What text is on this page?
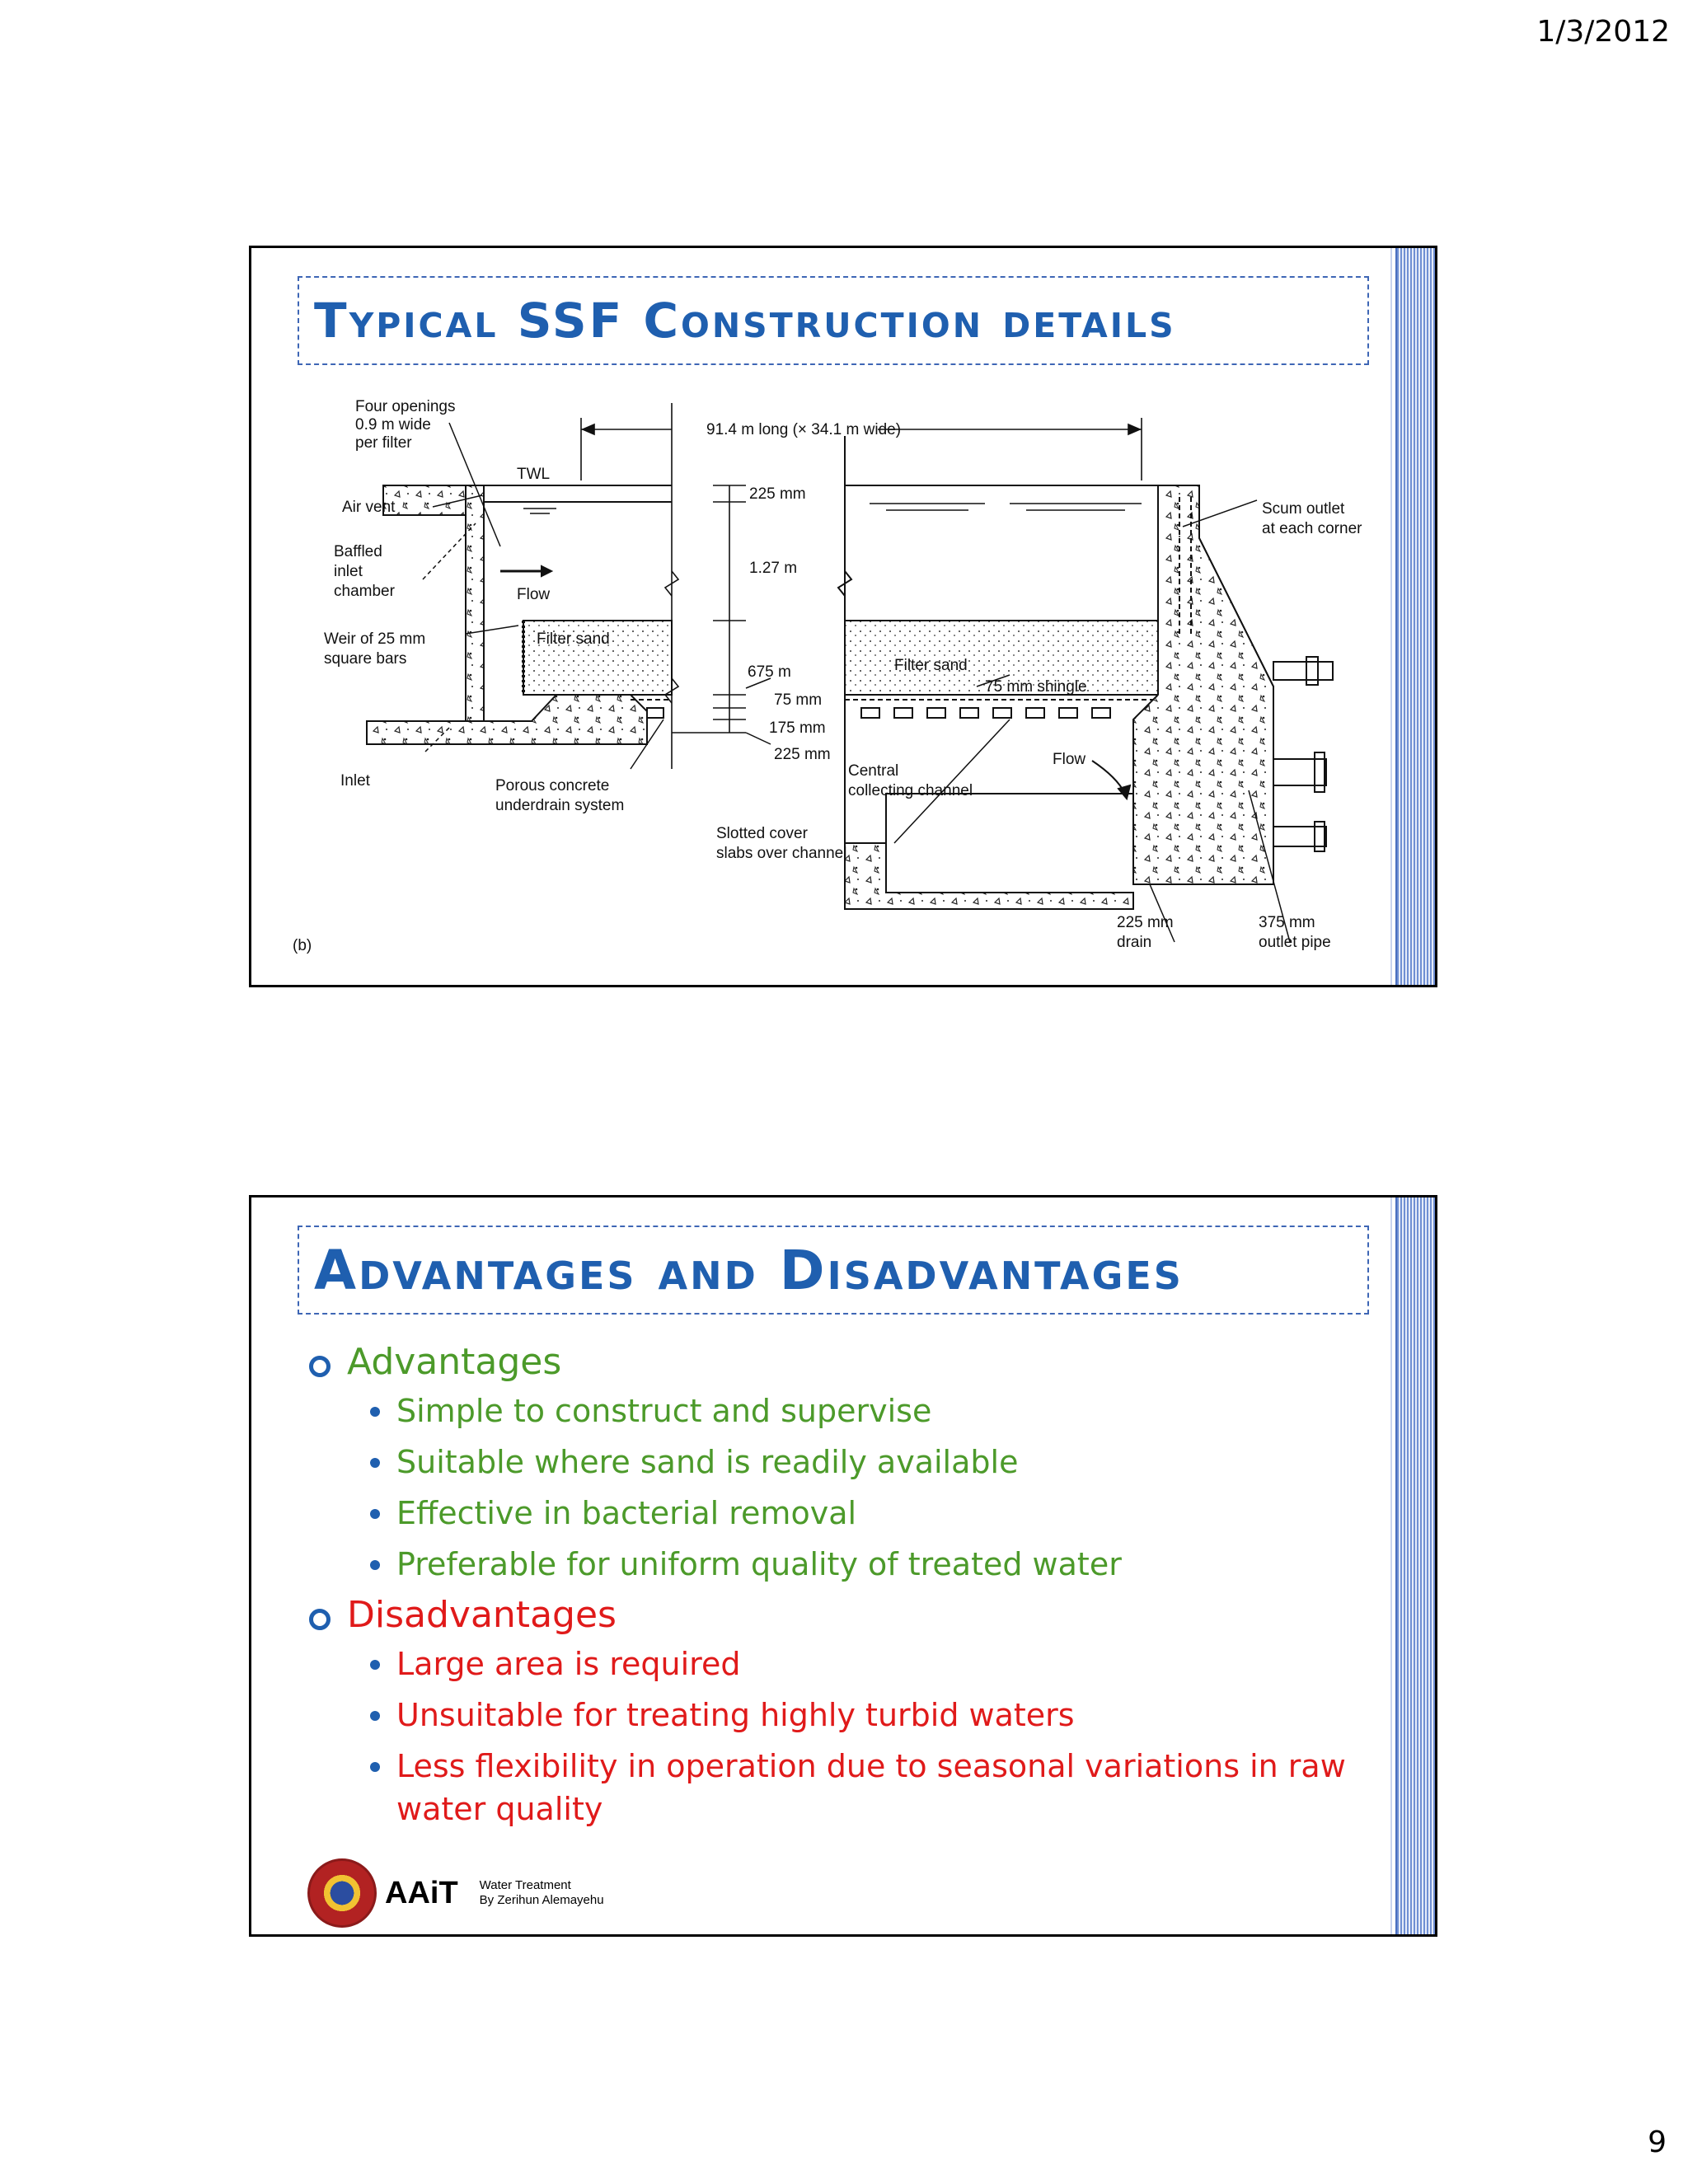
1/3/2012
Typical SSF Construction details
Four openings
0.9 m wide
per filter
91.4 m long (× 34.1 m wide)
TWL
Air vent
Baffled
inlet
chamber	Flow
Weir of 25 mm
square bars
Filter sand
Inlet	Porous concrete
underdrain system
225 mm
1.27 m
675 m
75 mm
175 mm
225 mm
Slotted cover
slabs over channel
Filter sand
75 mm shingle
Flow
Central
collecting channel
Scum outlet
at each corner
225 mm
drain
375 mm
outlet pipe
(b)
Advantages and Disadvantages
Advantages
Simple to construct and supervise
Suitable where sand is readily available
Effective in bacterial removal
Preferable for uniform quality of treated water
Disadvantages
Large area is required
Unsuitable for treating highly turbid waters
Less flexibility in operation due to seasonal variations in raw water quality
AAiT Water Treatment
By Zerihun Alemayehu
9
